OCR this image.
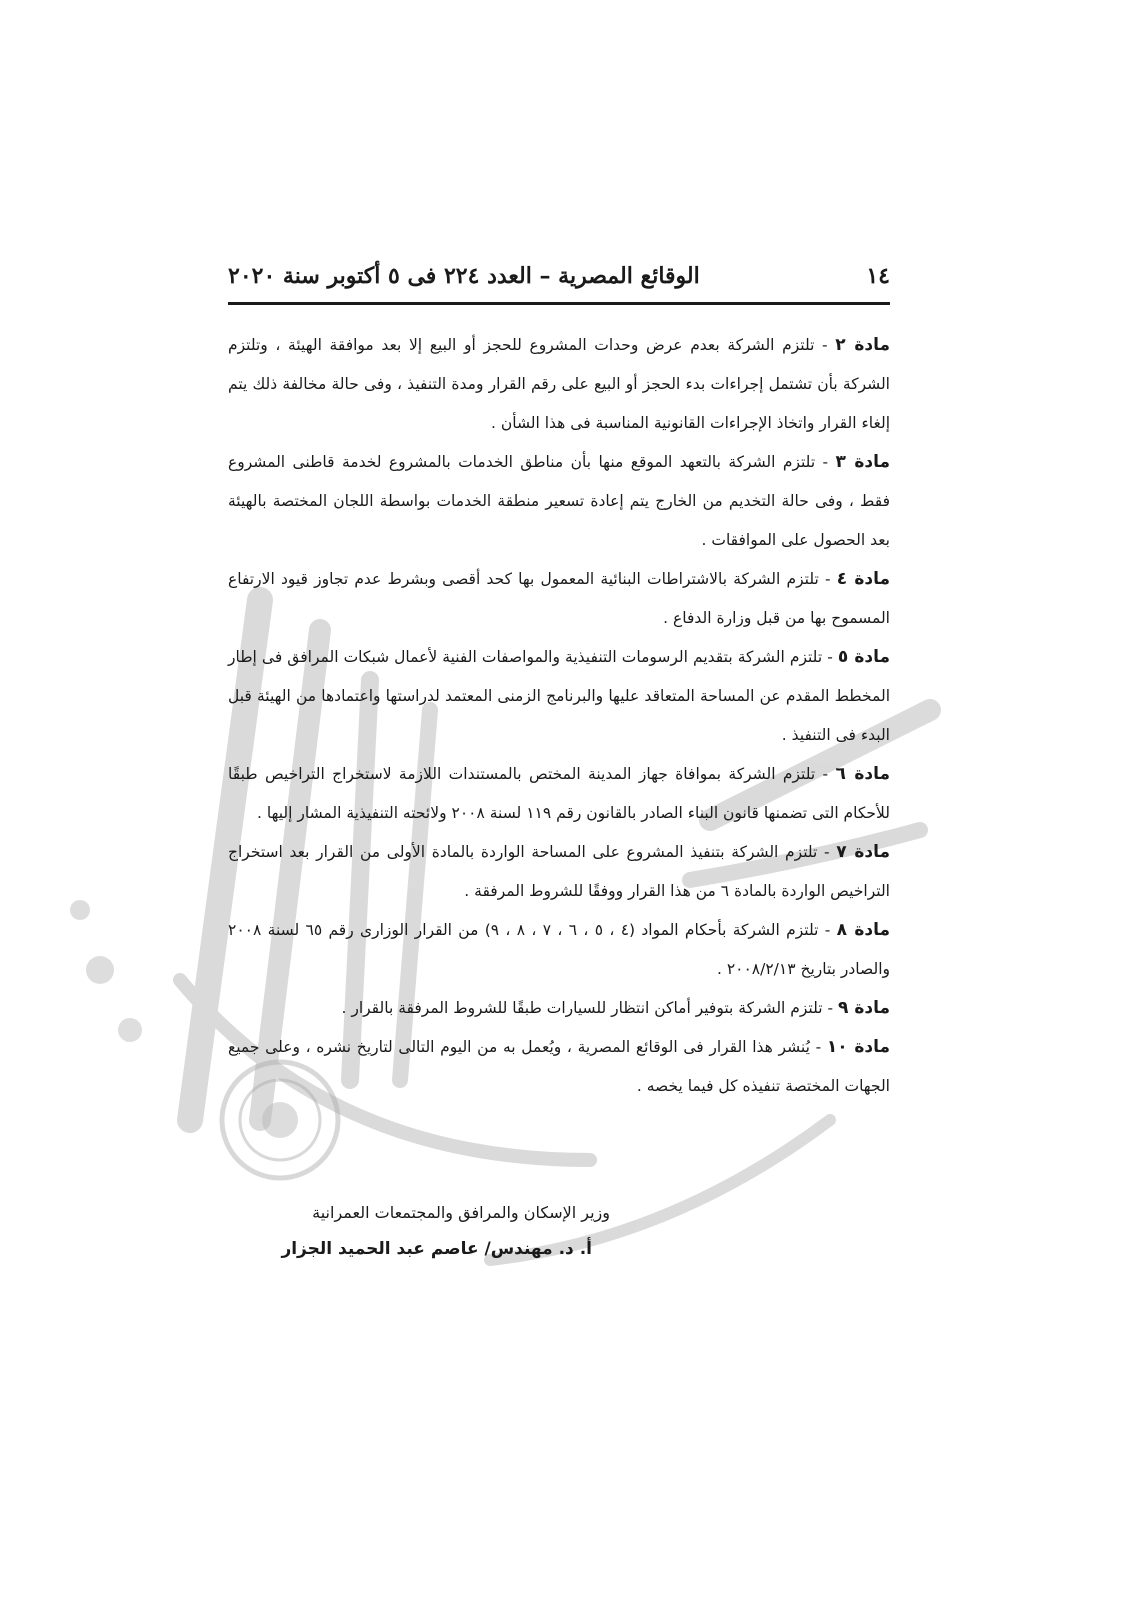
١٤
الوقائع المصرية – العدد ٢٢٤ فى ٥ أكتوبر سنة ٢٠٢٠

مادة ٢ - تلتزم الشركة بعدم عرض وحدات المشروع للحجز أو البيع إلا بعد موافقة الهيئة ، وتلتزم الشركة بأن تشتمل إجراءات بدء الحجز أو البيع على رقم القرار ومدة التنفيذ ، وفى حالة مخالفة ذلك يتم إلغاء القرار واتخاذ الإجراءات القانونية المناسبة فى هذا الشأن .

مادة ٣ - تلتزم الشركة بالتعهد الموقع منها بأن مناطق الخدمات بالمشروع لخدمة قاطنى المشروع فقط ، وفى حالة التخديم من الخارج يتم إعادة تسعير منطقة الخدمات بواسطة اللجان المختصة بالهيئة بعد الحصول على الموافقات .

مادة ٤ - تلتزم الشركة بالاشتراطات البنائية المعمول بها كحد أقصى وبشرط عدم تجاوز قيود الارتفاع المسموح بها من قبل وزارة الدفاع .

مادة ٥ - تلتزم الشركة بتقديم الرسومات التنفيذية والمواصفات الفنية لأعمال شبكات المرافق فى إطار المخطط المقدم عن المساحة المتعاقد عليها والبرنامج الزمنى المعتمد لدراستها واعتمادها من الهيئة قبل البدء فى التنفيذ .

مادة ٦ - تلتزم الشركة بموافاة جهاز المدينة المختص بالمستندات اللازمة لاستخراج التراخيص طبقًا للأحكام التى تضمنها قانون البناء الصادر بالقانون رقم ١١٩ لسنة ٢٠٠٨ ولائحته التنفيذية المشار إليها .

مادة ٧ - تلتزم الشركة بتنفيذ المشروع على المساحة الواردة بالمادة الأولى من القرار بعد استخراج التراخيص الواردة بالمادة ٦ من هذا القرار ووفقًا للشروط المرفقة .

مادة ٨ - تلتزم الشركة بأحكام المواد (٤ ، ٥ ، ٦ ، ٧ ، ٨ ، ٩) من القرار الوزارى رقم ٦٥ لسنة ٢٠٠٨ والصادر بتاريخ ٢٠٠٨/٢/١٣ .

مادة ٩ - تلتزم الشركة بتوفير أماكن انتظار للسيارات طبقًا للشروط المرفقة بالقرار .

مادة ١٠ - يُنشر هذا القرار فى الوقائع المصرية ، ويُعمل به من اليوم التالى لتاريخ نشره ، وعلى جميع الجهات المختصة تنفيذه كل فيما يخصه .

وزير الإسكان والمرافق والمجتمعات العمرانية
أ. د. مهندس/ عاصم عبد الحميد الجزار
